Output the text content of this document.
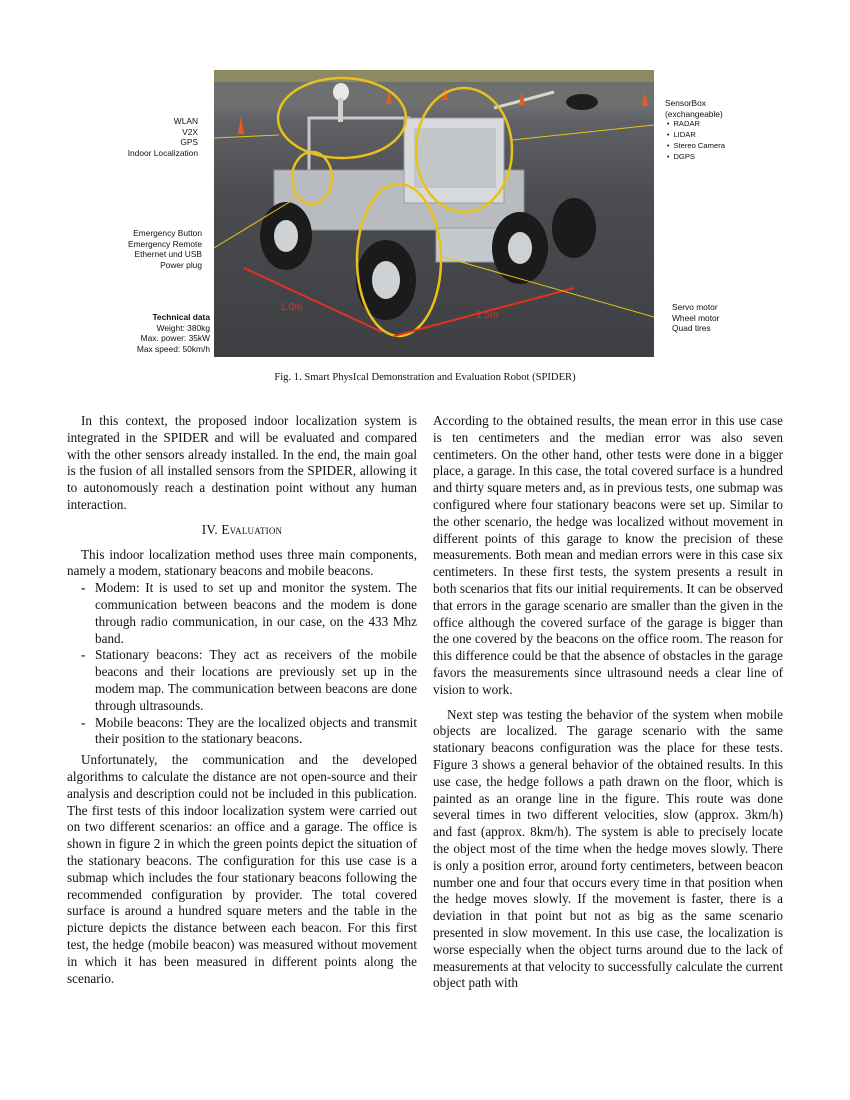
1.0m
1.5m
WLAN
V2X
GPS
Indoor Localization
Emergency Button
Emergency Remote
Ethernet und USB
Power plug
Technical data
Weight: 380kg
Max. power: 35kW
Max speed: 50km/h
SensorBox
(exchangeable)
• RADAR
• LIDAR
• Stereo Camera
• DGPS
Servo motor
Wheel motor
Quad tires
Fig. 1. Smart PhysIcal Demonstration and Evaluation Robot (SPIDER)

In this context, the proposed indoor localization system is integrated in the SPIDER and will be evaluated and compared with the other sensors already installed. In the end, the main goal is the fusion of all installed sensors from the SPIDER, allowing it to autonomously reach a destination point without any human interaction.

IV. Evaluation

This indoor localization method uses three main components, namely a modem, stationary beacons and mobile beacons.

- Modem: It is used to set up and monitor the system. The communication between beacons and the modem is done through radio communication, in our case, on the 433 Mhz band.
- Stationary beacons: They act as receivers of the mobile beacons and their locations are previously set up in the modem map. The communication between beacons are done through ultrasounds.
- Mobile beacons: They are the localized objects and transmit their position to the stationary beacons.

Unfortunately, the communication and the developed algorithms to calculate the distance are not open-source and their analysis and description could not be included in this publication. The first tests of this indoor localization system were carried out on two different scenarios: an office and a garage. The office is shown in figure 2 in which the green points depict the situation of the stationary beacons. The configuration for this use case is a submap which includes the four stationary beacons following the recommended configuration by provider. The total covered surface is around a hundred square meters and the table in the picture depicts the distance between each beacon. For this first test, the hedge (mobile beacon) was measured without movement in which it has been measured in different points along the scenario.

According to the obtained results, the mean error in this use case is ten centimeters and the median error was also seven centimeters. On the other hand, other tests were done in a bigger place, a garage. In this case, the total covered surface is a hundred and thirty square meters and, as in previous tests, one submap was configured where four stationary beacons were set up. Similar to the other scenario, the hedge was localized without movement in different points of this garage to know the precision of these measurements. Both mean and median errors were in this case six centimeters. In these first tests, the system presents a result in both scenarios that fits our initial requirements. It can be observed that errors in the garage scenario are smaller than the given in the office although the covered surface of the garage is bigger than the one covered by the beacons on the office room. The reason for this difference could be that the absence of obstacles in the garage favors the measurements since ultrasound needs a clear line of vision to work.

Next step was testing the behavior of the system when mobile objects are localized. The garage scenario with the same stationary beacons configuration was the place for these tests. Figure 3 shows a general behavior of the obtained results. In this use case, the hedge follows a path drawn on the floor, which is painted as an orange line in the figure. This route was done several times in two different velocities, slow (approx. 3km/h) and fast (approx. 8km/h). The system is able to precisely locate the object most of the time when the hedge moves slowly. There is only a position error, around forty centimeters, between beacon number one and four that occurs every time in that position when the hedge moves slowly. If the movement is faster, there is a deviation in that point but not as big as the same scenario presented in slow movement. In this use case, the localization is worse especially when the object turns around due to the lack of measurements at that velocity to successfully calculate the current object path with
